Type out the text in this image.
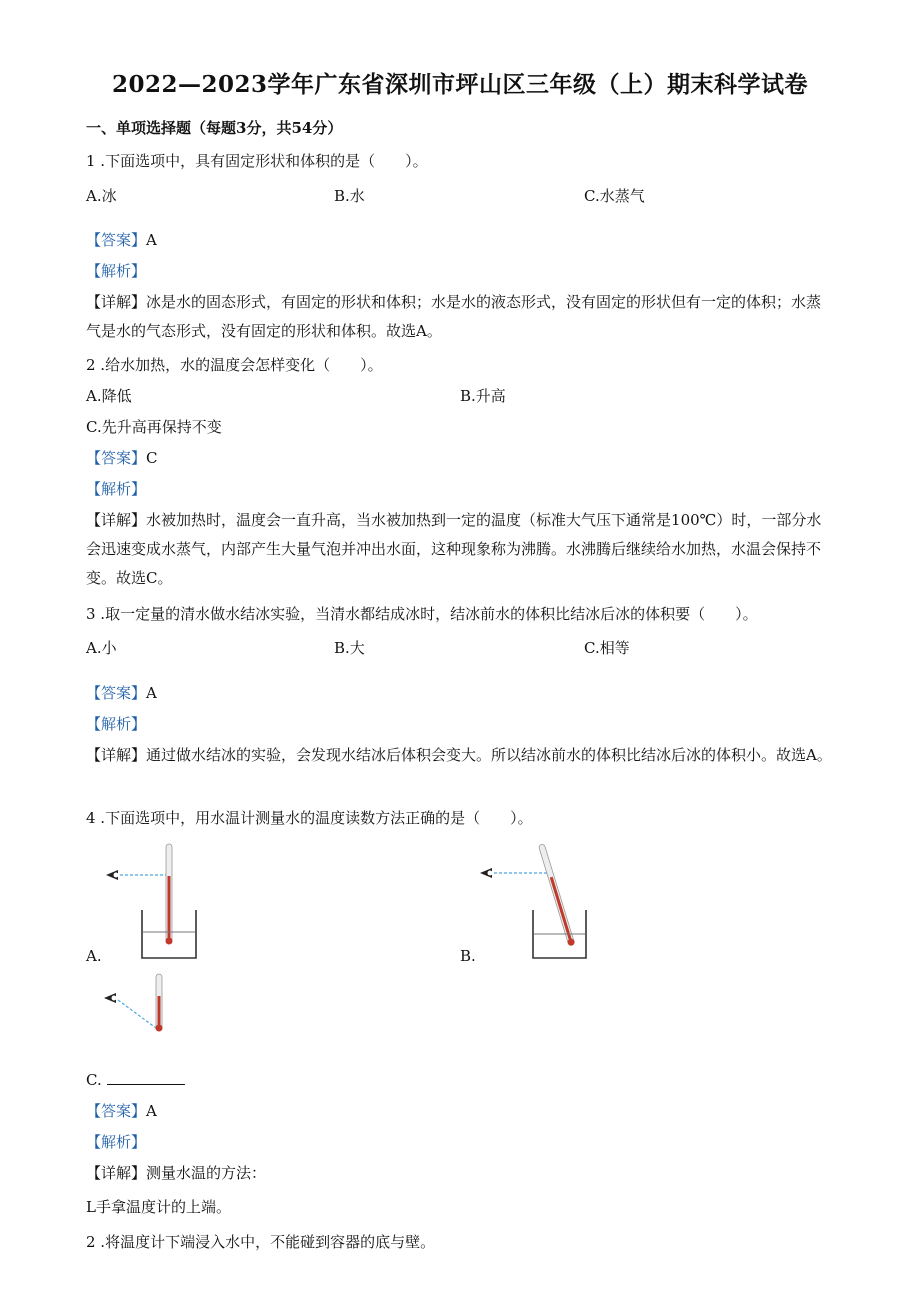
2022—2023学年广东省深圳市坪山区三年级（上）期末科学试卷
一、单项选择题（每题3分，共54分）
1 .下面选项中，具有固定形状和体积的是（　　）。
A.冰	B.水	C.水蒸气
【答案】A
【解析】
【详解】冰是水的固态形式，有固定的形状和体积；水是水的液态形式，没有固定的形状但有一定的体积；水蒸气是水的气态形式，没有固定的形状和体积。故选A。
2 .给水加热，水的温度会怎样变化（　　）。
A.降低	B.升高
C.先升高再保持不变
【答案】C
【解析】
【详解】水被加热时，温度会一直升高，当水被加热到一定的温度（标准大气压下通常是100℃）时，一部分水会迅速变成水蒸气，内部产生大量气泡并冲出水面，这种现象称为沸腾。水沸腾后继续给水加热，水温会保持不变。故选C。
3 .取一定量的清水做水结冰实验，当清水都结成冰时，结冰前水的体积比结冰后冰的体积要（　　）。
A.小	B.大	C.相等
【答案】A
【解析】
【详解】通过做水结冰的实验，会发现水结冰后体积会变大。所以结冰前水的体积比结冰后冰的体积小。故选A。
4 .下面选项中，用水温计测量水的温度读数方法正确的是（　　）。
A.	B.
C.
【答案】A
【解析】
【详解】测量水温的方法：
L手拿温度计的上端。
2 .将温度计下端浸入水中，不能碰到容器的底与壁。
